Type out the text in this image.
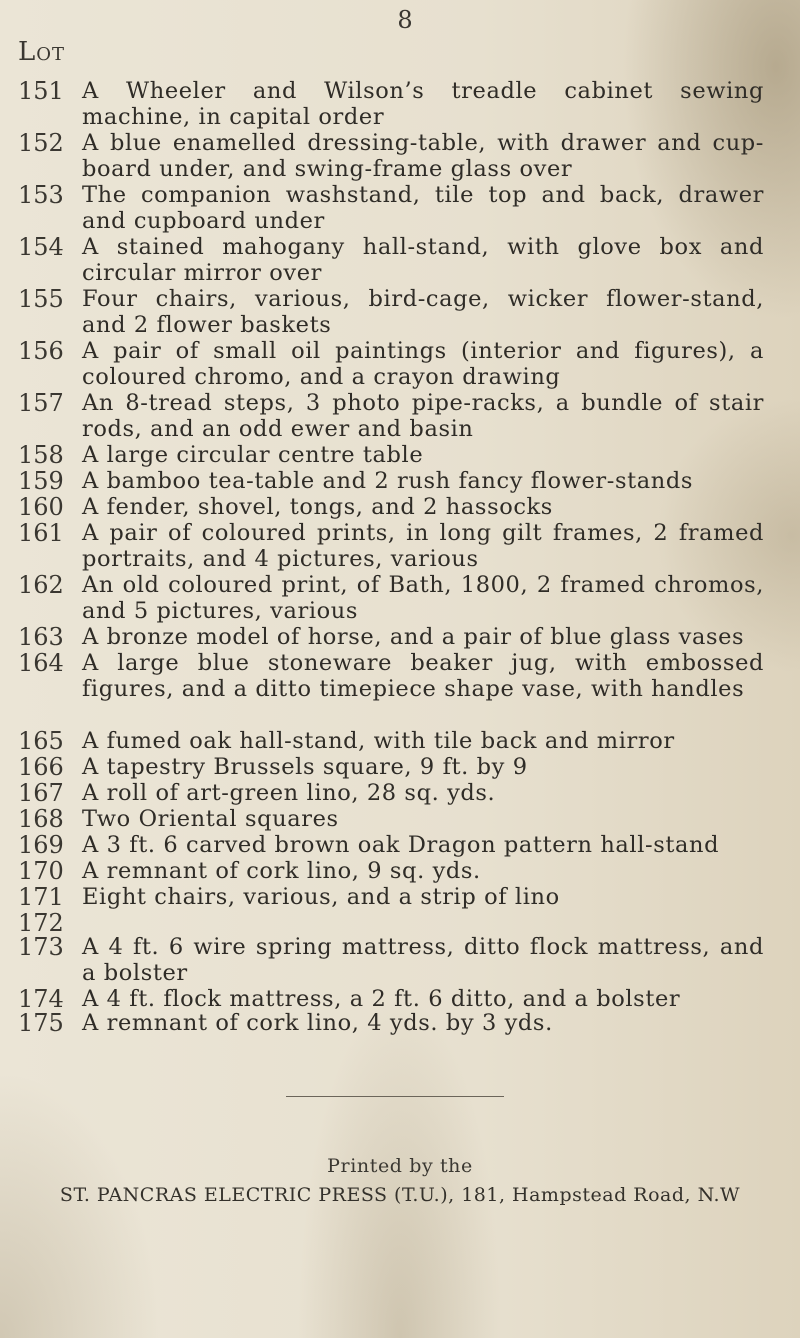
8
Lot
151 A Wheeler and Wilson’s treadle cabinet sewing machine, in capital order
152 A blue enamelled dressing-table, with drawer and cup-board under, and swing-frame glass over
153 The companion washstand, tile top and back, drawer and cupboard under
154 A stained mahogany hall-stand, with glove box and circular mirror over
155 Four chairs, various, bird-cage, wicker flower-stand, and 2 flower baskets
156 A pair of small oil paintings (interior and figures), a coloured chromo, and a crayon drawing
157 An 8-tread steps, 3 photo pipe-racks, a bundle of stair rods, and an odd ewer and basin
158 A large circular centre table
159 A bamboo tea-table and 2 rush fancy flower-stands
160 A fender, shovel, tongs, and 2 hassocks
161 A pair of coloured prints, in long gilt frames, 2 framed portraits, and 4 pictures, various
162 An old coloured print, of Bath, 1800, 2 framed chromos, and 5 pictures, various
163 A bronze model of horse, and a pair of blue glass vases
164 A large blue stoneware beaker jug, with embossed figures, and a ditto timepiece shape vase, with handles
165 A fumed oak hall-stand, with tile back and mirror
166 A tapestry Brussels square, 9 ft. by 9
167 A roll of art-green lino, 28 sq. yds.
168 Two Oriental squares
169 A 3 ft. 6 carved brown oak Dragon pattern hall-stand
170 A remnant of cork lino, 9 sq. yds.
171 Eight chairs, various, and a strip of lino
172
173 A 4 ft. 6 wire spring mattress, ditto flock mattress, and a bolster
174 A 4 ft. flock mattress, a 2 ft. 6 ditto, and a bolster
175 A remnant of cork lino, 4 yds. by 3 yds.
Printed by the
ST. PANCRAS ELECTRIC PRESS (T.U.), 181, Hampstead Road, N.W
